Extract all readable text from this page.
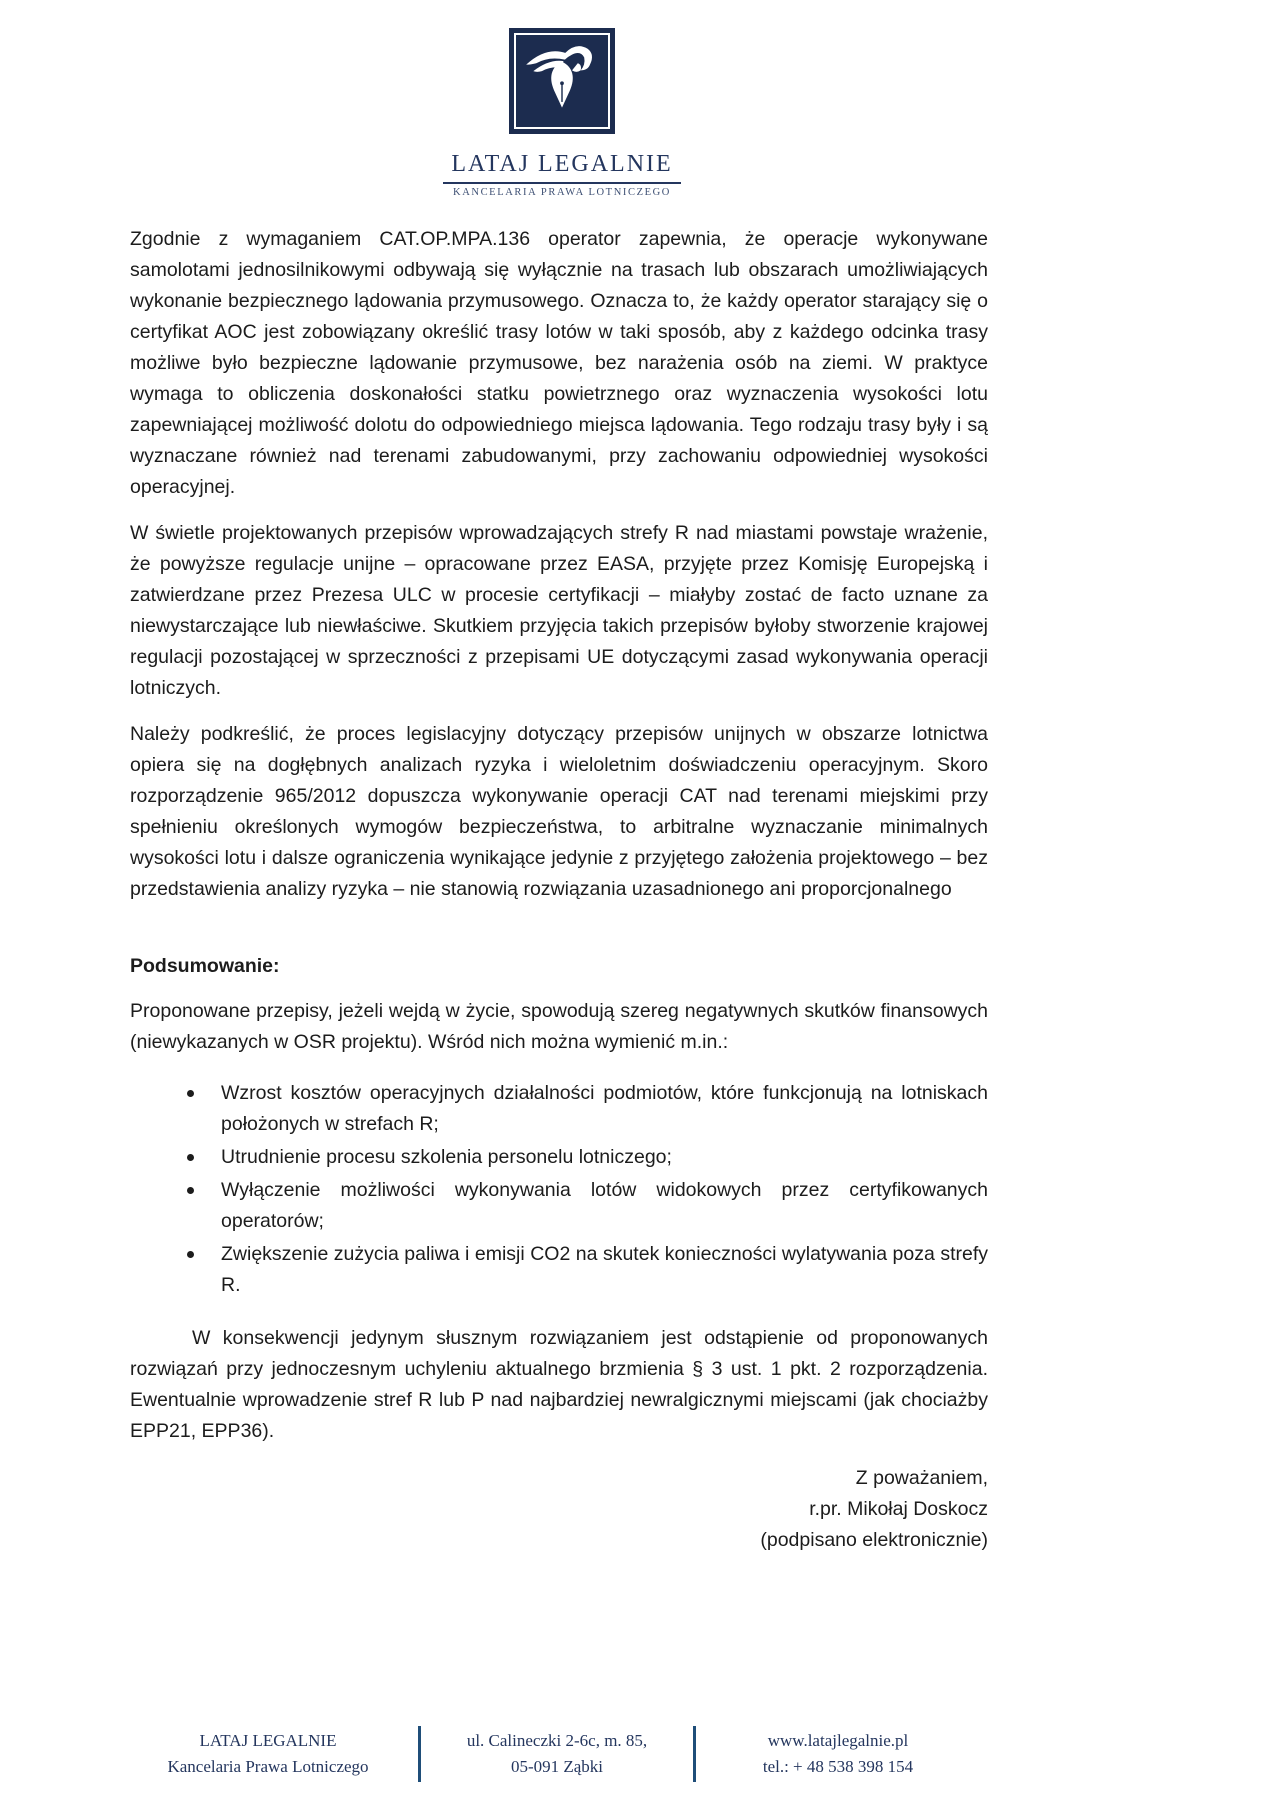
LATAJ LEGALNIE
KANCELARIA PRAWA LOTNICZEGO

Zgodnie z wymaganiem CAT.OP.MPA.136 operator zapewnia, że operacje wykonywane samolotami jednosilnikowymi odbywają się wyłącznie na trasach lub obszarach umożliwiających wykonanie bezpiecznego lądowania przymusowego. Oznacza to, że każdy operator starający się o certyfikat AOC jest zobowiązany określić trasy lotów w taki sposób, aby z każdego odcinka trasy możliwe było bezpieczne lądowanie przymusowe, bez narażenia osób na ziemi. W praktyce wymaga to obliczenia doskonałości statku powietrznego oraz wyznaczenia wysokości lotu zapewniającej możliwość dolotu do odpowiedniego miejsca lądowania. Tego rodzaju trasy były i są wyznaczane również nad terenami zabudowanymi, przy zachowaniu odpowiedniej wysokości operacyjnej.

W świetle projektowanych przepisów wprowadzających strefy R nad miastami powstaje wrażenie, że powyższe regulacje unijne – opracowane przez EASA, przyjęte przez Komisję Europejską i zatwierdzane przez Prezesa ULC w procesie certyfikacji – miałyby zostać de facto uznane za niewystarczające lub niewłaściwe. Skutkiem przyjęcia takich przepisów byłoby stworzenie krajowej regulacji pozostającej w sprzeczności z przepisami UE dotyczącymi zasad wykonywania operacji lotniczych.

Należy podkreślić, że proces legislacyjny dotyczący przepisów unijnych w obszarze lotnictwa opiera się na dogłębnych analizach ryzyka i wieloletnim doświadczeniu operacyjnym. Skoro rozporządzenie 965/2012 dopuszcza wykonywanie operacji CAT nad terenami miejskimi przy spełnieniu określonych wymogów bezpieczeństwa, to arbitralne wyznaczanie minimalnych wysokości lotu i dalsze ograniczenia wynikające jedynie z przyjętego założenia projektowego – bez przedstawienia analizy ryzyka – nie stanowią rozwiązania uzasadnionego ani proporcjonalnego

Podsumowanie:

Proponowane przepisy, jeżeli wejdą w życie, spowodują szereg negatywnych skutków finansowych (niewykazanych w OSR projektu). Wśród nich można wymienić m.in.:

Wzrost kosztów operacyjnych działalności podmiotów, które funkcjonują na lotniskach położonych w strefach R;
Utrudnienie procesu szkolenia personelu lotniczego;
Wyłączenie możliwości wykonywania lotów widokowych przez certyfikowanych operatorów;
Zwiększenie zużycia paliwa i emisji CO2 na skutek konieczności wylatywania poza strefy R.

W konsekwencji jedynym słusznym rozwiązaniem jest odstąpienie od proponowanych rozwiązań przy jednoczesnym uchyleniu aktualnego brzmienia § 3 ust. 1 pkt. 2 rozporządzenia. Ewentualnie wprowadzenie stref R lub P nad najbardziej newralgicznymi miejscami (jak chociażby EPP21, EPP36).

Z poważaniem,
r.pr. Mikołaj Doskocz
(podpisano elektronicznie)
LATAJ LEGALNIE
Kancelaria Prawa Lotniczego
ul. Calineczki 2-6c, m. 85,
05-091 Ząbki
www.latajlegalnie.pl
tel.: + 48 538 398 154
